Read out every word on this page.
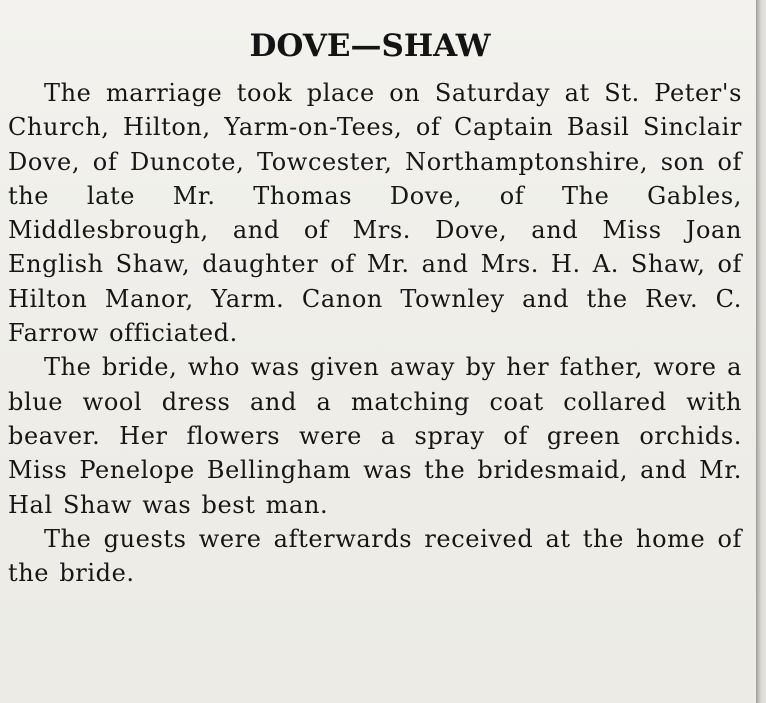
DOVE—SHAW

The marriage took place on Saturday at St. Peter's Church, Hilton, Yarm-on-Tees, of Captain Basil Sinclair Dove, of Duncote, Towcester, Northamptonshire, son of the late Mr. Thomas Dove, of The Gables, Middlesbrough, and of Mrs. Dove, and Miss Joan English Shaw, daughter of Mr. and Mrs. H. A. Shaw, of Hilton Manor, Yarm. Canon Townley and the Rev. C. Farrow officiated.

The bride, who was given away by her father, wore a blue wool dress and a matching coat collared with beaver. Her flowers were a spray of green orchids. Miss Penelope Bellingham was the bridesmaid, and Mr. Hal Shaw was best man.

The guests were afterwards received at the home of the bride.
